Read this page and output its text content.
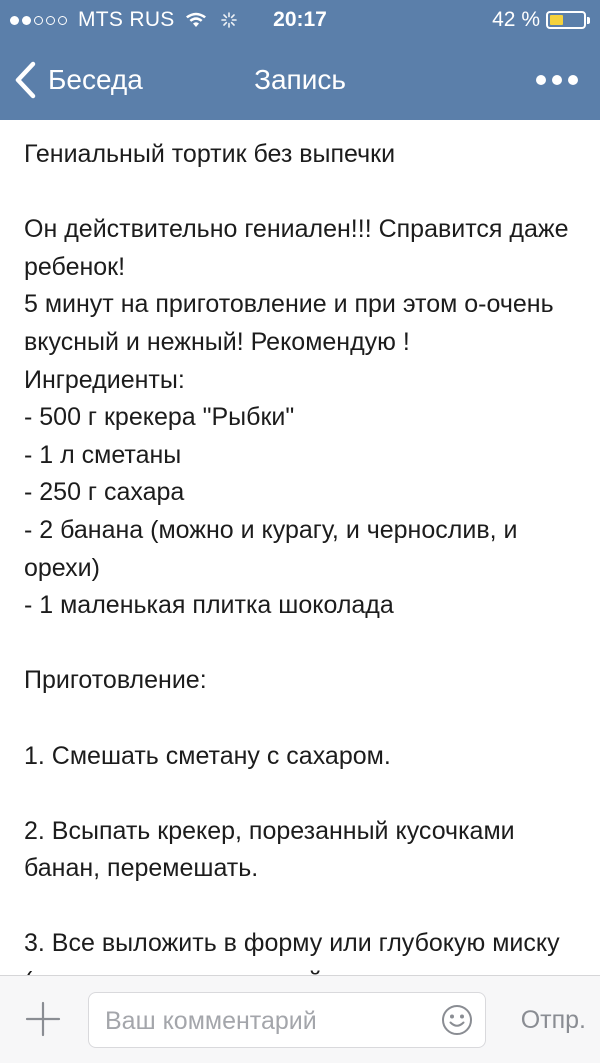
MTS RUS	20:17	42 %
Беседа	Запись
Гениальный тортик без выпечки

Он действительно гениален!!! Справится даже ребенок!
5 минут на приготовление и при этом о-очень вкусный и нежный! Рекомендую !
Ингредиенты:
- 500 г крекера "Рыбки"
- 1 л сметаны
- 250 г сахара
- 2 банана (можно и курагу, и чернослив, и орехи)
- 1 маленькая плитка шоколада

Приготовление:

1. Смешать сметану с сахаром.

2. Всыпать крекер, порезанный кусочками банан, перемешать.

3. Все выложить в форму или глубокую миску
Ваш комментарий
Отпр.
